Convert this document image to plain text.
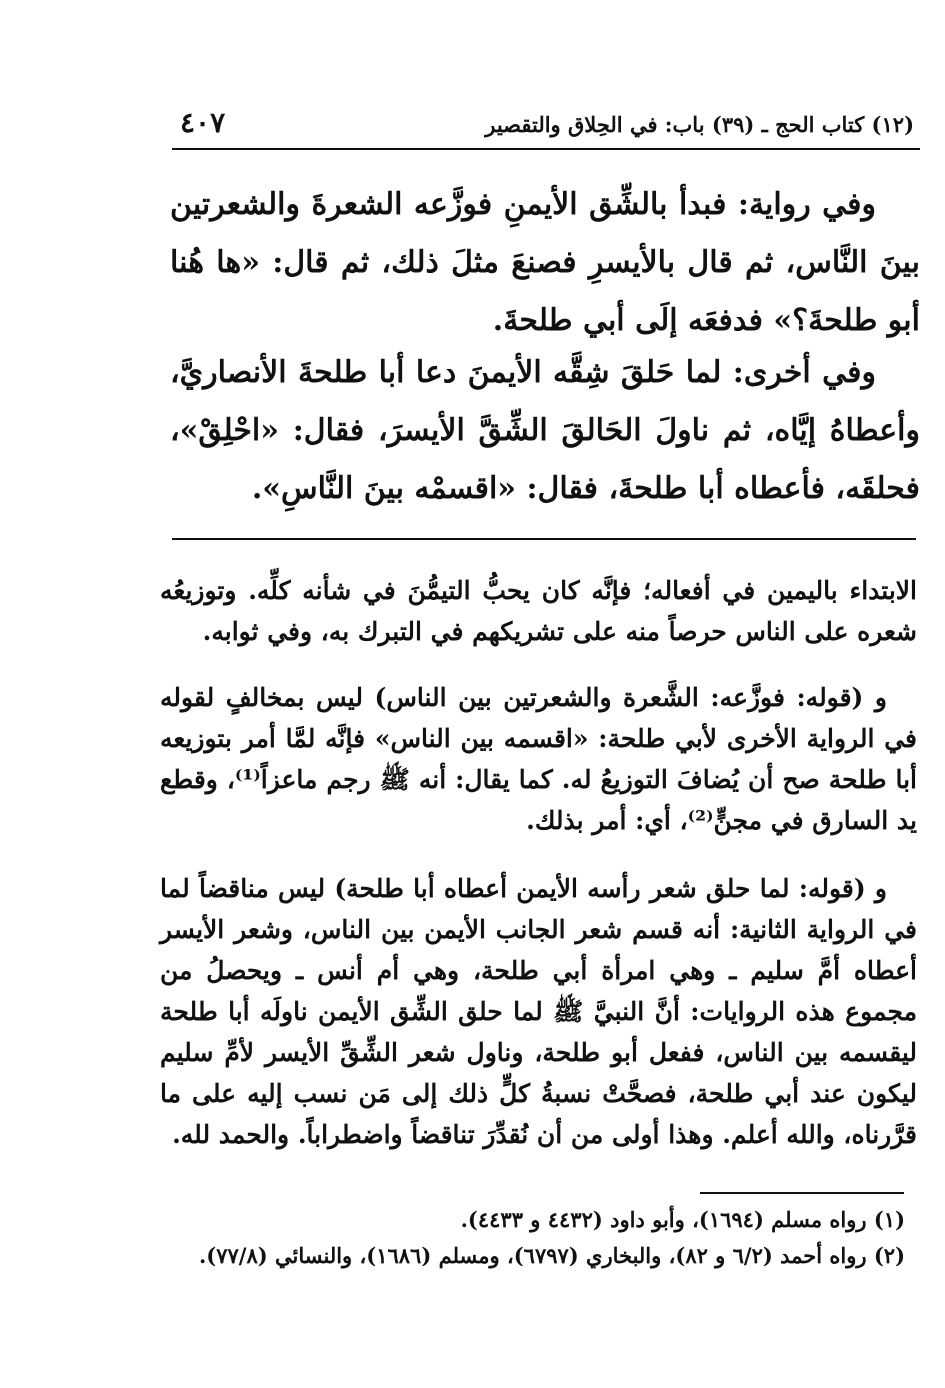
(١٢) كتاب الحج ـ (٣٩) باب: في الحِلاق والتقصير
٤٠٧

وفي رواية: فبدأ بالشِّق الأيمنِ فوزَّعه الشعرةَ والشعرتين بينَ النَّاس، ثم قال بالأيسرِ فصنعَ مثلَ ذلك، ثم قال: «ها هُنا أبو طلحةَ؟» فدفعَه إلَى أبي طلحةَ.

وفي أخرى: لما حَلقَ شِقَّه الأيمنَ دعا أبا طلحةَ الأنصاريَّ، وأعطاهُ إيَّاه، ثم ناولَ الحَالقَ الشِّقَّ الأيسرَ، فقال: «احْلِقْ»، فحلقَه، فأعطاه أبا طلحةَ، فقال: «اقسمْه بينَ النَّاسِ».

الابتداء باليمين في أفعاله؛ فإنَّه كان يحبُّ التيمُّنَ في شأنه كلِّه. وتوزيعُه شعره على الناس حرصاً منه على تشريكهم في التبرك به، وفي ثوابه.

و (قوله: فوزَّعه: الشَّعرة والشعرتين بين الناس) ليس بمخالفٍ لقوله في الرواية الأخرى لأبي طلحة: «اقسمه بين الناس» فإنَّه لمَّا أمر بتوزيعه أبا طلحة صح أن يُضافَ التوزيعُ له. كما يقال: أنه ﷺ رجم ماعزاً⁽¹⁾، وقطع يد السارق في مجنٍّ⁽²⁾، أي: أمر بذلك.

و (قوله: لما حلق شعر رأسه الأيمن أعطاه أبا طلحة) ليس مناقضاً لما في الرواية الثانية: أنه قسم شعر الجانب الأيمن بين الناس، وشعر الأيسر أعطاه أمَّ سليم ـ وهي امرأة أبي طلحة، وهي أم أنس ـ ويحصلُ من مجموع هذه الروايات: أنَّ النبيَّ ﷺ لما حلق الشِّق الأيمن ناولَه أبا طلحة ليقسمه بين الناس، ففعل أبو طلحة، وناول شعر الشِّقِّ الأيسر لأمِّ سليم ليكون عند أبي طلحة، فصحَّتْ نسبةُ كلٍّ ذلك إلى مَن نسب إليه على ما قرَّرناه، والله أعلم. وهذا أولى من أن نُقدِّرَ تناقضاً واضطراباً. والحمد لله.

(١) رواه مسلم (١٦٩٤)، وأبو داود (٤٤٣٢ و ٤٤٣٣).
(٢) رواه أحمد (٦/٢ و ٨٢)، والبخاري (٦٧٩٧)، ومسلم (١٦٨٦)، والنسائي (٧٧/٨).
